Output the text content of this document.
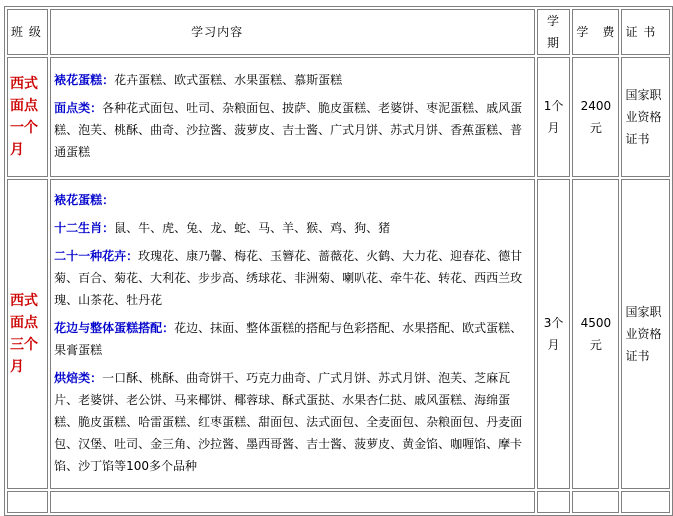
班 级	学习内容	学 期	学　费	证 书
西式面点一个月	裱花蛋糕：花卉蛋糕、欧式蛋糕、水果蛋糕、慕斯蛋糕

面点类：各种花式面包、吐司、杂粮面包、披萨、脆皮蛋糕、老婆饼、枣泥蛋糕、戚风蛋糕、泡芙、桃酥、曲奇、沙拉酱、菠萝皮、吉士酱、广式月饼、苏式月饼、香蕉蛋糕、普通蛋糕	1个月	2400元	国家职业资格证书
西式面点三个月	裱花蛋糕：

十二生肖：鼠、牛、虎、兔、龙、蛇、马、羊、猴、鸡、狗、猪

二十一种花卉：玫瑰花、康乃馨、梅花、玉簪花、蔷薇花、火鹤、大力花、迎春花、德甘菊、百合、菊花、大利花、步步高、绣球花、非洲菊、喇叭花、牵牛花、转花、西西兰玫瑰、山茶花、牡丹花

花边与整体蛋糕搭配：花边、抹面、整体蛋糕的搭配与色彩搭配、水果搭配、欧式蛋糕、果膏蛋糕

烘焙类：一口酥、桃酥、曲奇饼干、巧克力曲奇、广式月饼、苏式月饼、泡芙、芝麻瓦片、老婆饼、老公饼、马来椰饼、椰蓉球、酥式蛋挞、水果杏仁挞、戚风蛋糕、海绵蛋糕、脆皮蛋糕、哈雷蛋糕、红枣蛋糕、甜面包、法式面包、全麦面包、杂粮面包、丹麦面包、汉堡、吐司、金三角、沙拉酱、墨西哥酱、吉士酱、菠萝皮、黄金馅、咖喱馅、摩卡馅、沙丁馅等100多个品种	3个月	4500元	国家职业资格证书
